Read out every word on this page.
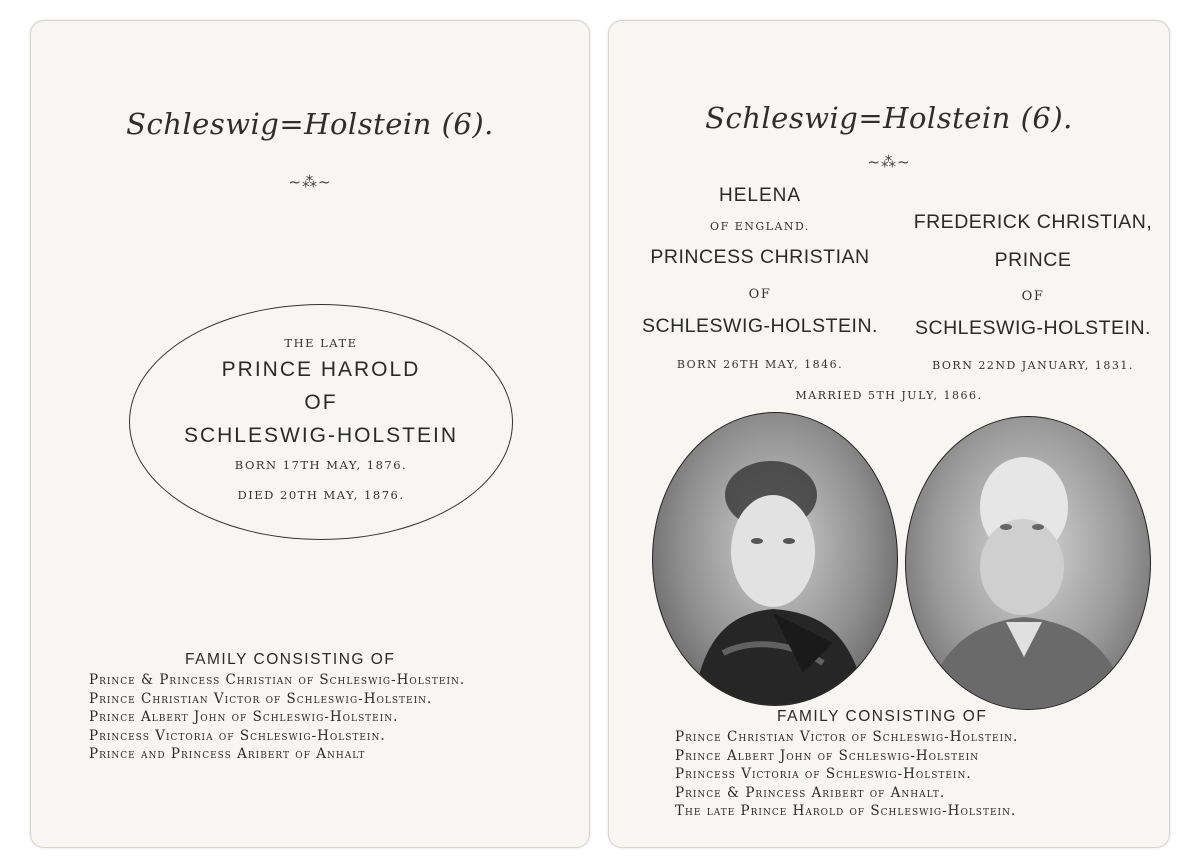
Schleswig=Holstein (6).
~⁂~
THE LATE
PRINCE HAROLD
OF
SCHLESWIG-HOLSTEIN
BORN 17TH MAY, 1876.
DIED 20TH MAY, 1876.
FAMILY CONSISTING OF
Prince & Princess Christian of Schleswig-Holstein.
Prince Christian Victor of Schleswig-Holstein.
Prince Albert John of Schleswig-Holstein.
Princess Victoria of Schleswig-Holstein.
Prince and Princess Aribert of Anhalt
Schleswig=Holstein (6).
~⁂~
HELENA
OF ENGLAND.
PRINCESS CHRISTIAN
OF
SCHLESWIG-HOLSTEIN.
BORN 26TH MAY, 1846.
FREDERICK CHRISTIAN,
PRINCE
OF
SCHLESWIG-HOLSTEIN.
BORN 22ND JANUARY, 1831.
MARRIED 5TH JULY, 1866.
FAMILY CONSISTING OF
Prince Christian Victor of Schleswig-Holstein.
Prince Albert John of Schleswig-Holstein
Princess Victoria of Schleswig-Holstein.
Prince & Princess Aribert of Anhalt.
The late Prince Harold of Schleswig-Holstein.
